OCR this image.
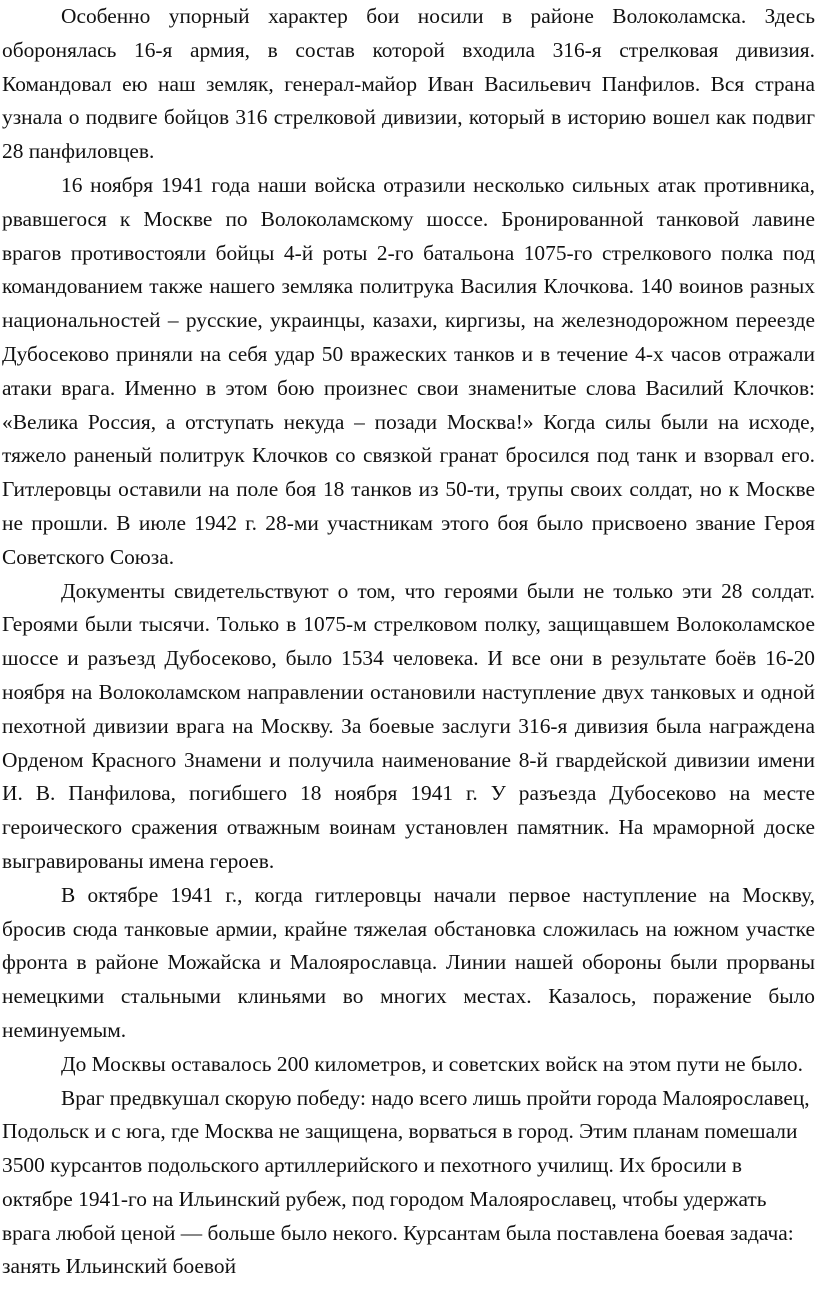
Особенно упорный характер бои носили в районе Волоколамска. Здесь оборонялась 16-я армия, в состав которой входила 316-я стрелковая дивизия. Командовал ею наш земляк, генерал-майор Иван Васильевич Панфилов. Вся страна узнала о подвиге бойцов 316 стрелковой дивизии, который в историю вошел как подвиг 28 панфиловцев.

16 ноября 1941 года наши войска отразили несколько сильных атак противника, рвавшегося к Москве по Волоколамскому шоссе. Бронированной танковой лавине врагов противостояли бойцы 4-й роты 2-го батальона 1075-го стрелкового полка под командованием также нашего земляка политрука Василия Клочкова. 140 воинов разных национальностей – русские, украинцы, казахи, киргизы, на железнодорожном переезде Дубосеково приняли на себя удар 50 вражеских танков и в течение 4-х часов отражали атаки врага. Именно в этом бою произнес свои знаменитые слова Василий Клочков: «Велика Россия, а отступать некуда – позади Москва!» Когда силы были на исходе, тяжело раненый политрук Клочков со связкой гранат бросился под танк и взорвал его. Гитлеровцы оставили на поле боя 18 танков из 50-ти, трупы своих солдат, но к Москве не прошли. В июле 1942 г. 28-ми участникам этого боя было присвоено звание Героя Советского Союза.

Документы свидетельствуют о том, что героями были не только эти 28 солдат. Героями были тысячи. Только в 1075-м стрелковом полку, защищавшем Волоколамское шоссе и разъезд Дубосеково, было 1534 человека. И все они в результате боёв 16-20 ноября на Волоколамском направлении остановили наступление двух танковых и одной пехотной дивизии врага на Москву. За боевые заслуги 316-я дивизия была награждена Орденом Красного Знамени и получила наименование 8-й гвардейской дивизии имени И. В. Панфилова, погибшего 18 ноября 1941 г. У разъезда Дубосеково на месте героического сражения отважным воинам установлен памятник. На мраморной доске выгравированы имена героев.

В октябре 1941 г., когда гитлеровцы начали первое наступление на Москву, бросив сюда танковые армии, крайне тяжелая обстановка сложилась на южном участке фронта в районе Можайска и Малоярославца. Линии нашей обороны были прорваны немецкими стальными клиньями во многих местах. Казалось, поражение было неминуемым.

До Москвы оставалось 200 километров, и советских войск на этом пути не было.

Враг предвкушал скорую победу: надо всего лишь пройти города Малоярославец, Подольск и с юга, где Москва не защищена, ворваться в город. Этим планам помешали 3500 курсантов подольского артиллерийского и пехотного училищ. Их бросили в октябре 1941-го на Ильинский рубеж, под городом Малоярославец, чтобы удержать врага любой ценой — больше было некого. Курсантам была поставлена боевая задача: занять Ильинский боевой
